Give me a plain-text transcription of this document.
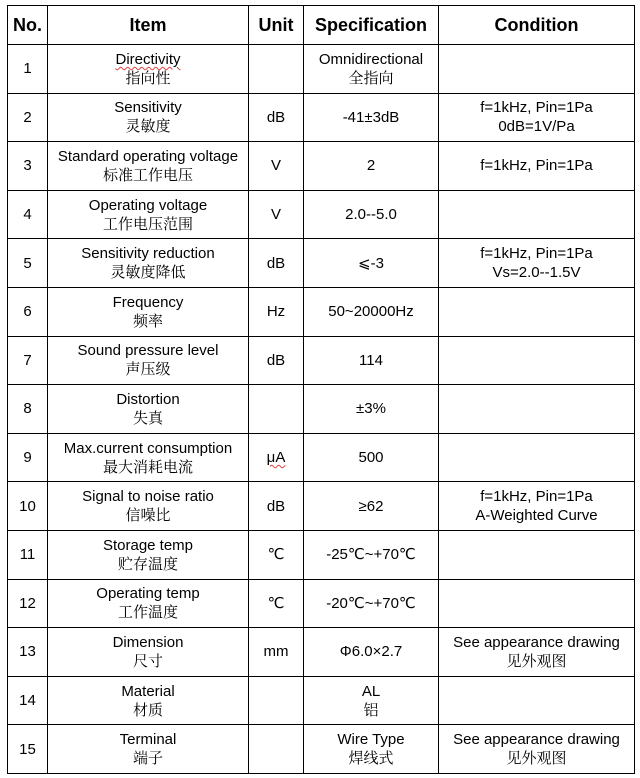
No.	Item	Unit	Specification	Condition

1	Directivity
指向性		Omnidirectional
全指向	

2	Sensitivity
灵敏度	dB	-41±3dB	f=1kHz, Pin=1Pa
0dB=1V/Pa

3	Standard operating voltage
标准工作电压	V	2	f=1kHz, Pin=1Pa

4	Operating voltage
工作电压范围	V	2.0--5.0	

5	Sensitivity reduction
灵敏度降低	dB	⩽-3	f=1kHz, Pin=1Pa
Vs=2.0--1.5V

6	Frequency
频率	Hz	50~20000Hz	

7	Sound pressure level
声压级	dB	114	

8	Distortion
失真		±3%	

9	Max.current consumption
最大消耗电流	μA	500	

10	Signal to noise ratio
信噪比	dB	≥62	f=1kHz, Pin=1Pa
A-Weighted Curve

11	Storage temp
贮存温度	℃	-25℃~+70℃	

12	Operating temp
工作温度	℃	-20℃~+70℃	

13	Dimension
尺寸	mm	Φ6.0×2.7	See appearance drawing
见外观图

14	Material
材质		AL
铝	

15	Terminal
端子		Wire Type
焊线式	See appearance drawing
见外观图
